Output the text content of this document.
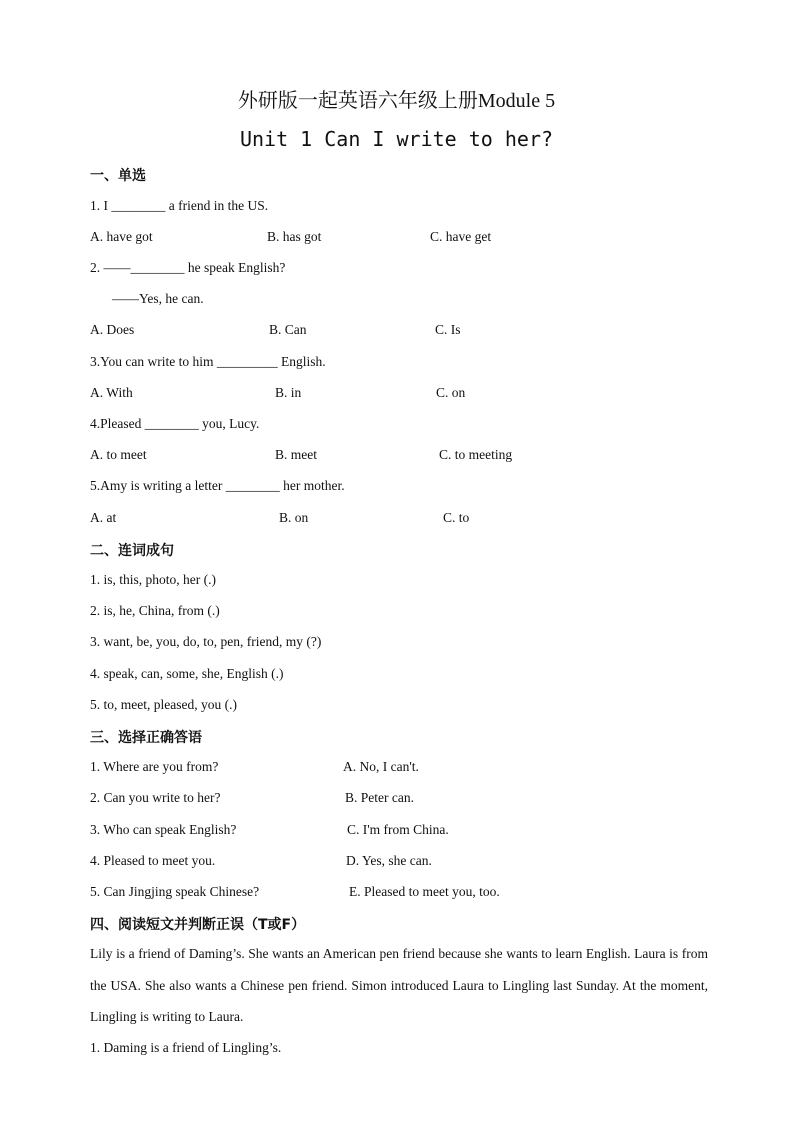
外研版一起英语六年级上册Module 5
Unit 1 Can I write to her?
一、单选
1. I ________ a friend in the US.
A. have got	B. has got	C. have get
2. ——________ he speak English?
——Yes, he can.
A. Does	B. Can	C. Is
3.You can write to him _________ English.
A. With	B. in	C. on
4.Pleased ________ you, Lucy.
A. to meet	B. meet	C. to meeting
5.Amy is writing a letter ________ her mother.
A. at	B. on	C. to
二、连词成句
1. is, this, photo, her (.)
2. is, he, China, from (.)
3. want, be, you, do, to, pen, friend, my (?)
4. speak, can, some, she, English (.)
5. to, meet, pleased, you (.)
三、选择正确答语
1. Where are you from?	A. No, I can't.
2. Can you write to her?	B. Peter can.
3. Who can speak English?	C. I'm from China.
4. Pleased to meet you.	D. Yes, she can.
5. Can Jingjing speak Chinese?	E. Pleased to meet you, too.
四、阅读短文并判断正误（T或F）

Lily is a friend of Daming’s. She wants an American pen friend because she wants to learn English. Laura is from the USA. She also wants a Chinese pen friend. Simon introduced Laura to Lingling last Sunday. At the moment, Lingling is writing to Laura.

1. Daming is a friend of Lingling’s.
